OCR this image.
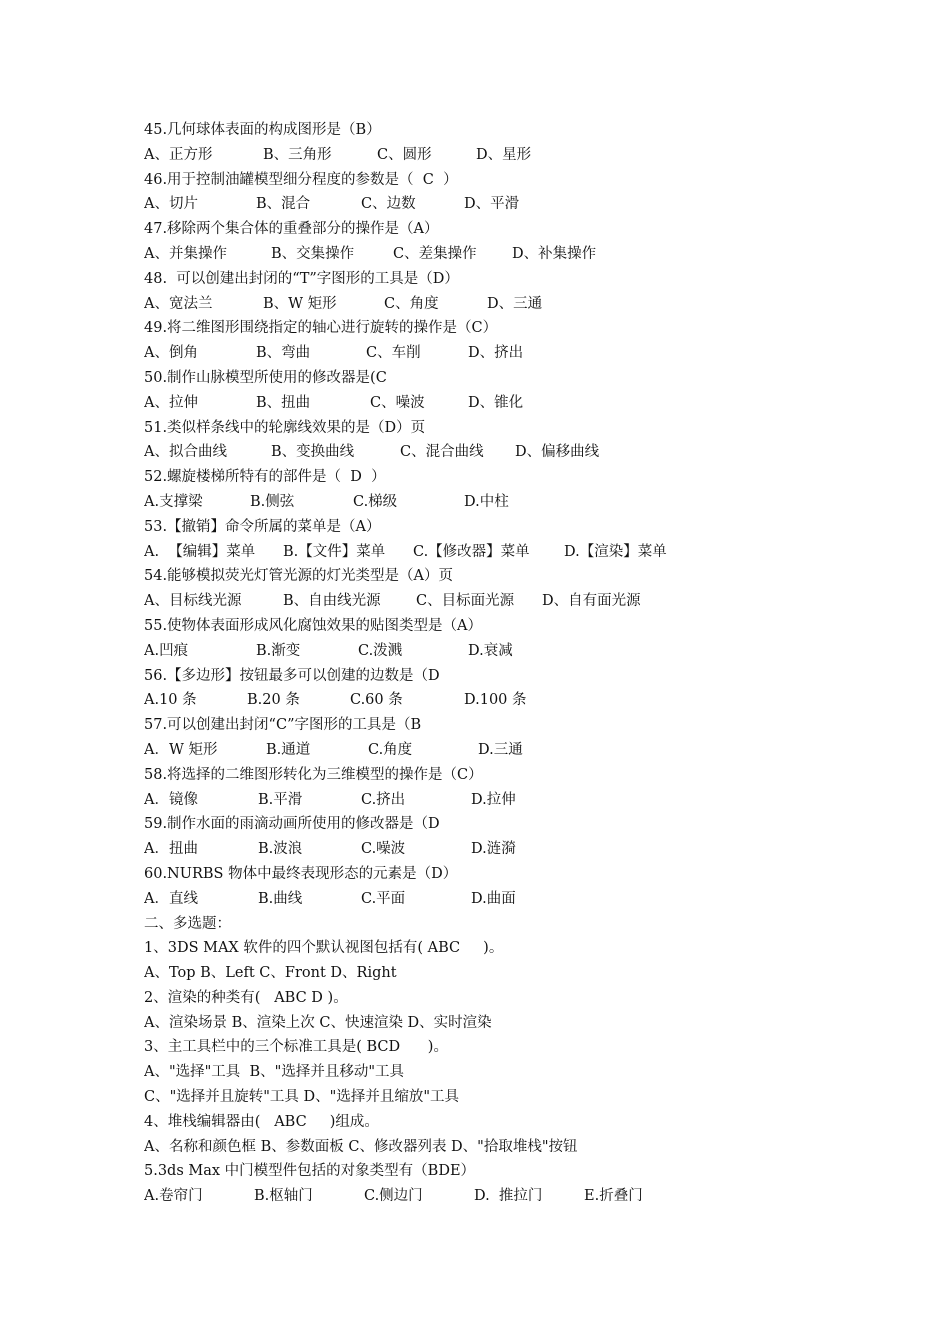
45.几何球体表面的构成图形是（B）
A、正方形	B、三角形	C、圆形	D、星形
46.用于控制油罐模型细分程度的参数是（  C  ）
A、切片	B、混合	C、边数	D、平滑
47.移除两个集合体的重叠部分的操作是（A）
A、并集操作	B、交集操作	C、差集操作 D、补集操作
48.  可以创建出封闭的“T”字图形的工具是（D）
A、宽法兰	B、W 矩形	C、角度	D、三通
49.将二维图形围绕指定的轴心进行旋转的操作是（C）
A、倒角	B、弯曲	C、车削	D、挤出
50.制作山脉模型所使用的修改器是(C
A、拉伸	B、扭曲	C、噪波	D、锥化
51.类似样条线中的轮廓线效果的是（D）页
A、拟合曲线	B、变换曲线	C、混合曲线 D、偏移曲线
52.螺旋楼梯所特有的部件是（  D  ）
A.支撑梁	B.侧弦	C.梯级	D.中柱
53.【撤销】命令所属的菜单是（A）
A.  【编辑】菜单 B.【文件】菜单 C.【修改器】菜单 D.【渲染】菜单
54.能够模拟荧光灯管光源的灯光类型是（A）页
A、目标线光源	B、自由线光源 C、目标面光源 D、自有面光源
55.使物体表面形成风化腐蚀效果的贴图类型是（A）
A.凹痕	B.渐变	C.泼溅	D.衰减
56.【多边形】按钮最多可以创建的边数是（D
A.10 条	B.20 条	C.60 条	D.100 条
57.可以创建出封闭“C”字图形的工具是（B
A．W 矩形	B.通道	C.角度	D.三通
58.将选择的二维图形转化为三维模型的操作是（C）
A．镜像	B.平滑	C.挤出	D.拉伸
59.制作水面的雨滴动画所使用的修改器是（D
A．扭曲	B.波浪	C.噪波	D.涟漪
60.NURBS 物体中最终表现形态的元素是（D）
A．直线	B.曲线	C.平面	D.曲面
二、多选题：
1、3DS MAX 软件的四个默认视图包括有( ABC     )。
A、Top B、Left C、Front D、Right
2、渲染的种类有(   ABC D )。
A、渲染场景 B、渲染上次 C、快速渲染 D、实时渲染
3、主工具栏中的三个标准工具是( BCD      )。
A、"选择"工具  B、"选择并且移动"工具
C、"选择并且旋转"工具 D、"选择并且缩放"工具
4、堆栈编辑器由(   ABC     )组成。
A、名称和颜色框 B、参数面板 C、修改器列表 D、"拾取堆栈"按钮
5.3ds Max 中门模型件包括的对象类型有（BDE）
A.卷帘门	B.枢轴门	C.侧边门	D.  推拉门	E.折叠门
